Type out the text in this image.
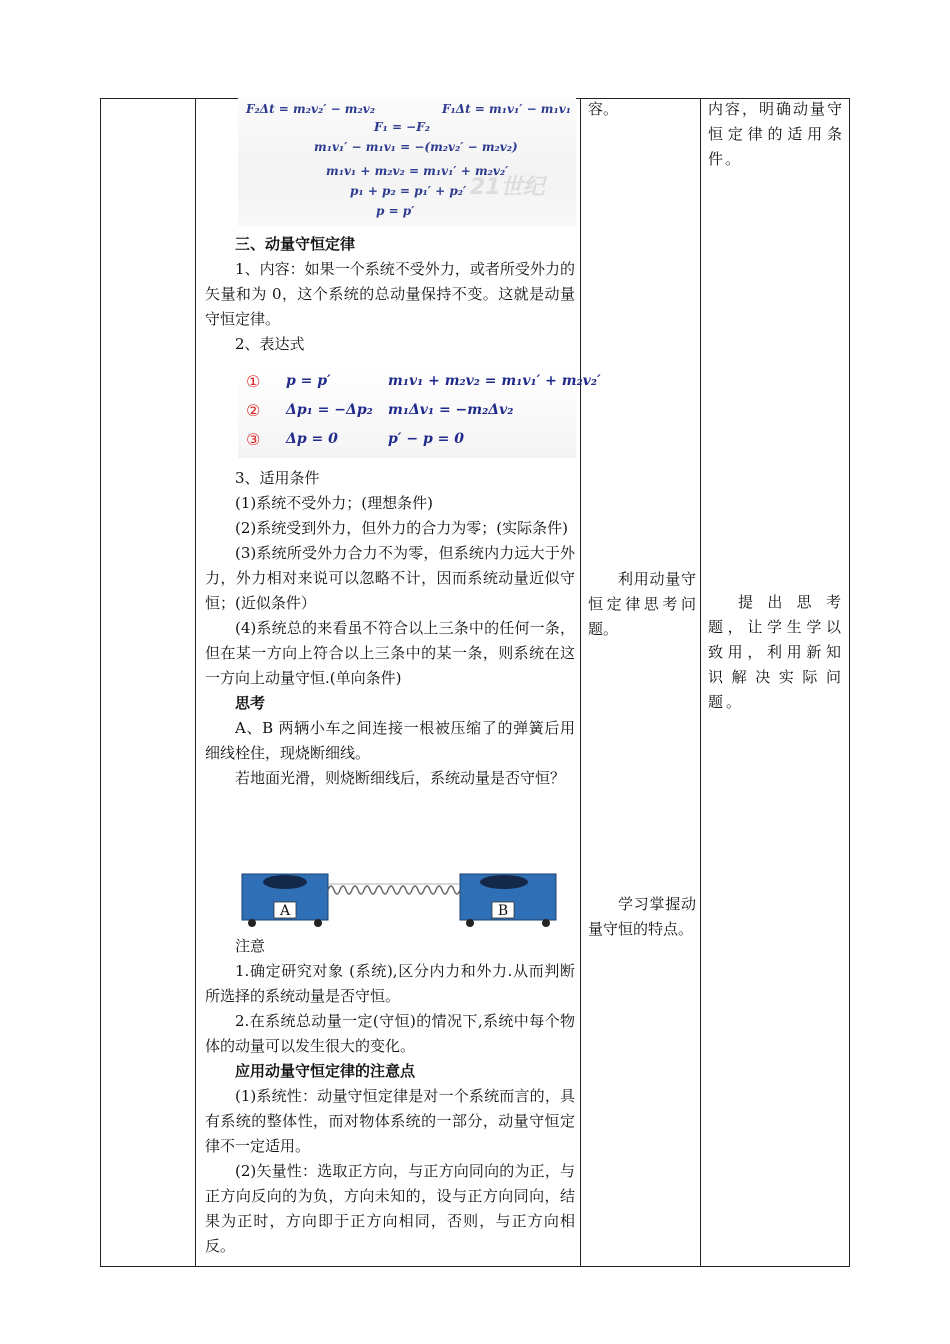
F₂Δt = m₂v₂′ − m₂v₂	F₁Δt = m₁v₁′ − m₁v₁
F₁ = −F₂
m₁v₁′ − m₁v₁ = −(m₂v₂′ − m₂v₂)
m₁v₁ + m₂v₂ = m₁v₁′ + m₂v₂′
p₁ + p₂ = p₁′ + p₂′
p = p′
21世纪

三、动量守恒定律

1、内容：如果一个系统不受外力，或者所受外力的矢量和为 0，这个系统的总动量保持不变。这就是动量守恒定律。

2、表达式

① p = p′	m₁v₁ + m₂v₂ = m₁v₁′ + m₂v₂′
② Δp₁ = −Δp₂ m₁Δv₁ = −m₂Δv₂
③ Δp = 0	p′ − p = 0

3、适用条件

(1)系统不受外力；(理想条件)

(2)系统受到外力，但外力的合力为零；(实际条件)

(3)系统所受外力合力不为零，但系统内力远大于外力，外力相对来说可以忽略不计，因而系统动量近似守恒；(近似条件）

(4)系统总的来看虽不符合以上三条中的任何一条，但在某一方向上符合以上三条中的某一条，则系统在这一方向上动量守恒.(单向条件)

思考

A、B 两辆小车之间连接一根被压缩了的弹簧后用细线栓住，现烧断细线。

若地面光滑，则烧断细线后，系统动量是否守恒？

A	B

注意

1.确定研究对象 (系统),区分内力和外力.从而判断所选择的系统动量是否守恒。

2.在系统总动量一定(守恒)的情况下,系统中每个物体的动量可以发生很大的变化。

应用动量守恒定律的注意点

(1)系统性：动量守恒定律是对一个系统而言的，具有系统的整体性，而对物体系统的一部分，动量守恒定律不一定适用。

(2)矢量性：选取正方向，与正方向同向的为正，与正方向反向的为负，方向未知的，设与正方向同向，结果为正时，方向即于正方向相同，否则，与正方向相反。

容。

利用动量守恒定律思考问题。

学习掌握动量守恒的特点。

内容，明确动量守恒定律的适用条件。

提出思考题，让学生学以致用，利用新知识解决实际问题。
